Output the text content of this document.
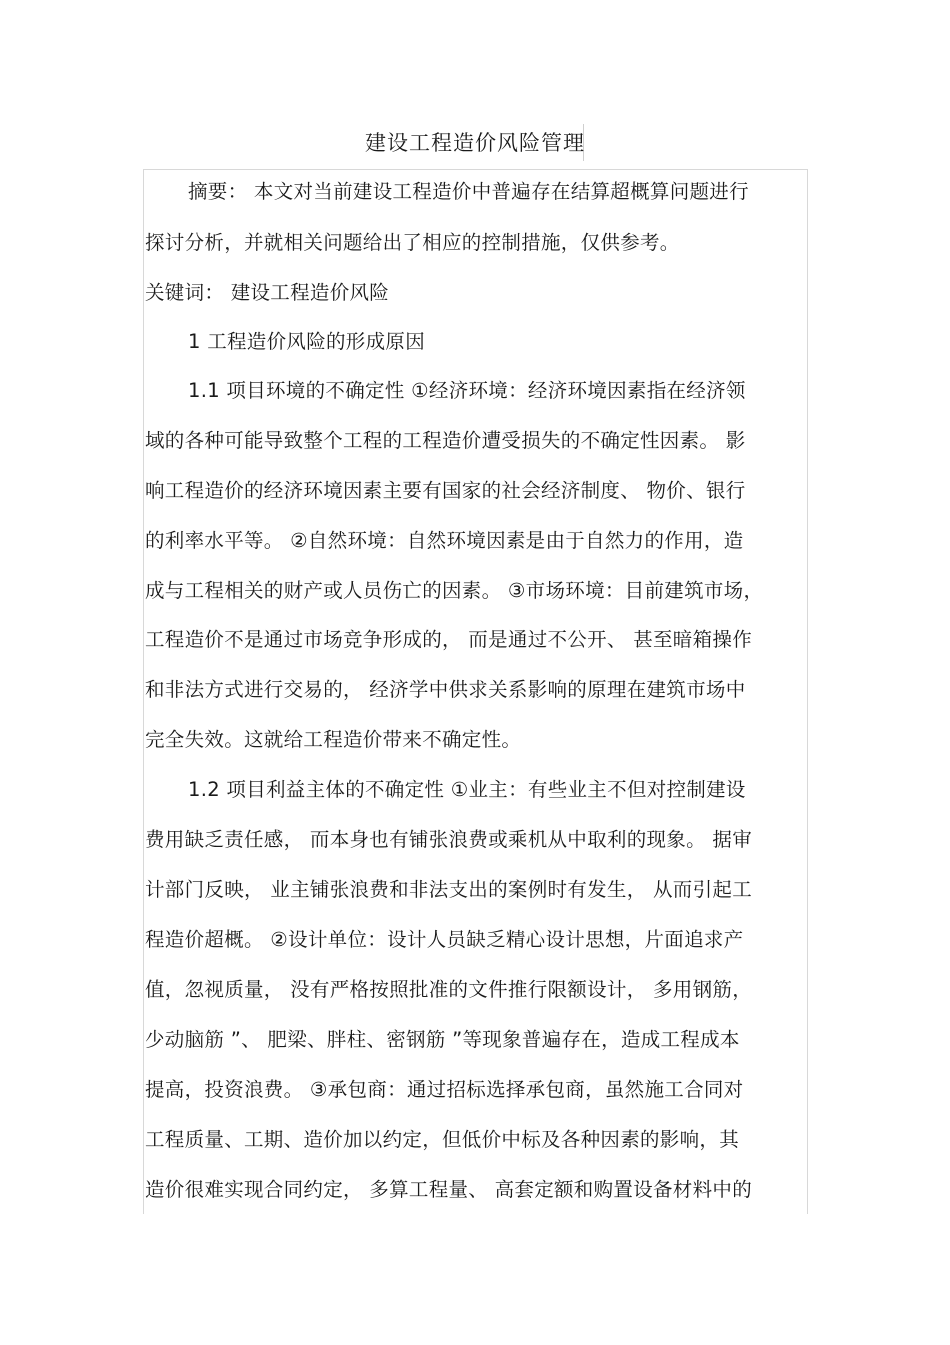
建设工程造价风险管理
摘要： 本文对当前建设工程造价中普遍存在结算超概算问题进行
探讨分析，并就相关问题给出了相应的控制措施，仅供参考。
关键词： 建设工程造价风险
1 工程造价风险的形成原因
1.1 项目环境的不确定性 ①经济环境：经济环境因素指在经济领
域的各种可能导致整个工程的工程造价遭受损失的不确定性因素。 影
响工程造价的经济环境因素主要有国家的社会经济制度、 物价、银行
的利率水平等。 ②自然环境：自然环境因素是由于自然力的作用，造
成与工程相关的财产或人员伤亡的因素。 ③市场环境：目前建筑市场，
工程造价不是通过市场竞争形成的， 而是通过不公开、 甚至暗箱操作
和非法方式进行交易的， 经济学中供求关系影响的原理在建筑市场中
完全失效。这就给工程造价带来不确定性。
1.2 项目利益主体的不确定性 ①业主：有些业主不但对控制建设
费用缺乏责任感， 而本身也有铺张浪费或乘机从中取利的现象。 据审
计部门反映， 业主铺张浪费和非法支出的案例时有发生， 从而引起工
程造价超概。 ②设计单位：设计人员缺乏精心设计思想，片面追求产
值，忽视质量， 没有严格按照批准的文件推行限额设计， 多用钢筋，
少动脑筋 ”、 肥梁、胖柱、密钢筋 ”等现象普遍存在，造成工程成本
提高，投资浪费。 ③承包商：通过招标选择承包商，虽然施工合同对
工程质量、工期、造价加以约定，但低价中标及各种因素的影响，其
造价很难实现合同约定， 多算工程量、 高套定额和购置设备材料中的
